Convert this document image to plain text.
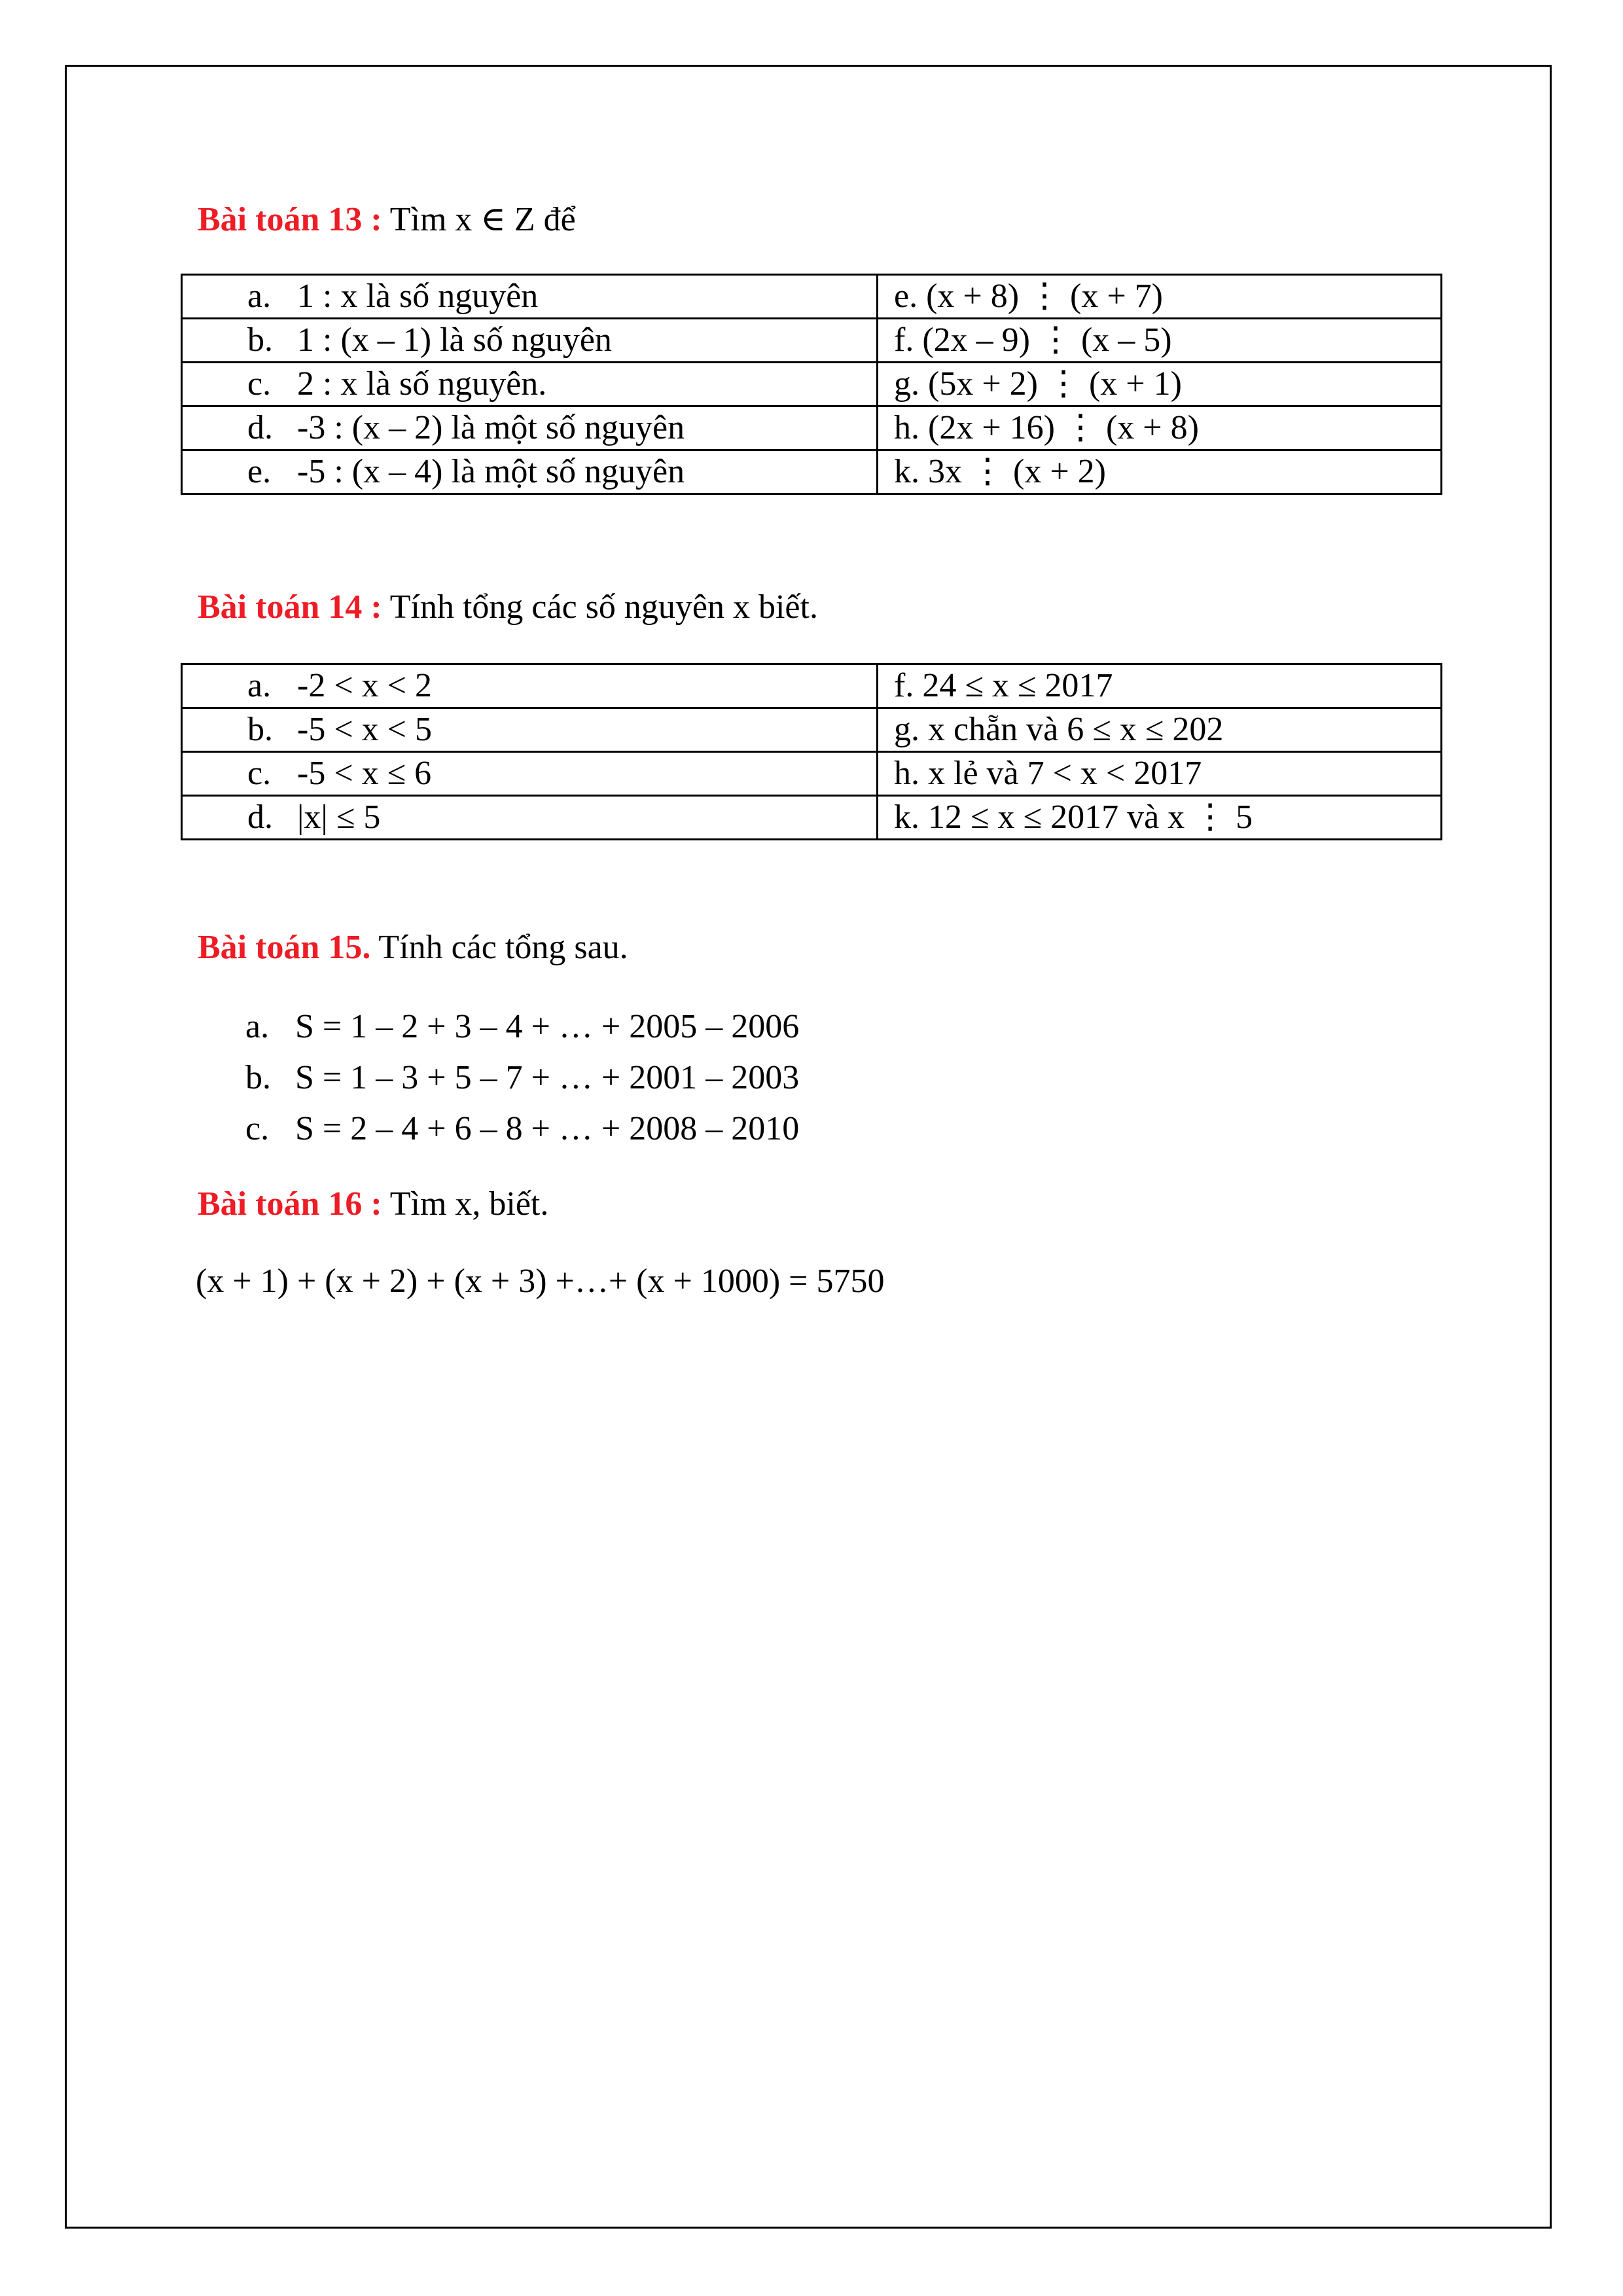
Bài toán 13 : Tìm x ∈ Z để
a. 1 : x là số nguyên	e. (x + 8) ⋮ (x + 7)
b. 1 : (x – 1) là số nguyên	f. (2x – 9) ⋮ (x – 5)
c. 2 : x là số nguyên.	g. (5x + 2) ⋮ (x + 1)
d. -3 : (x – 2) là một số nguyên	h. (2x + 16) ⋮ (x + 8)
e. -5 : (x – 4) là một số nguyên	k. 3x ⋮ (x + 2)
Bài toán 14 : Tính tổng các số nguyên x biết.
a. -2 < x < 2	f. 24 ≤ x ≤ 2017
b. -5 < x < 5	g. x chẵn và 6 ≤ x ≤ 202
c. -5 < x ≤ 6	h. x lẻ và 7 < x < 2017
d. |x| ≤ 5	k. 12 ≤ x ≤ 2017 và x ⋮ 5
Bài toán 15. Tính các tổng sau.
a. S = 1 – 2 + 3 – 4 + … + 2005 – 2006
b. S = 1 – 3 + 5 – 7 + … + 2001 – 2003
c. S = 2 – 4 + 6 – 8 + … + 2008 – 2010
Bài toán 16 : Tìm x, biết.
(x + 1) + (x + 2) + (x + 3) +…+ (x + 1000) = 5750
